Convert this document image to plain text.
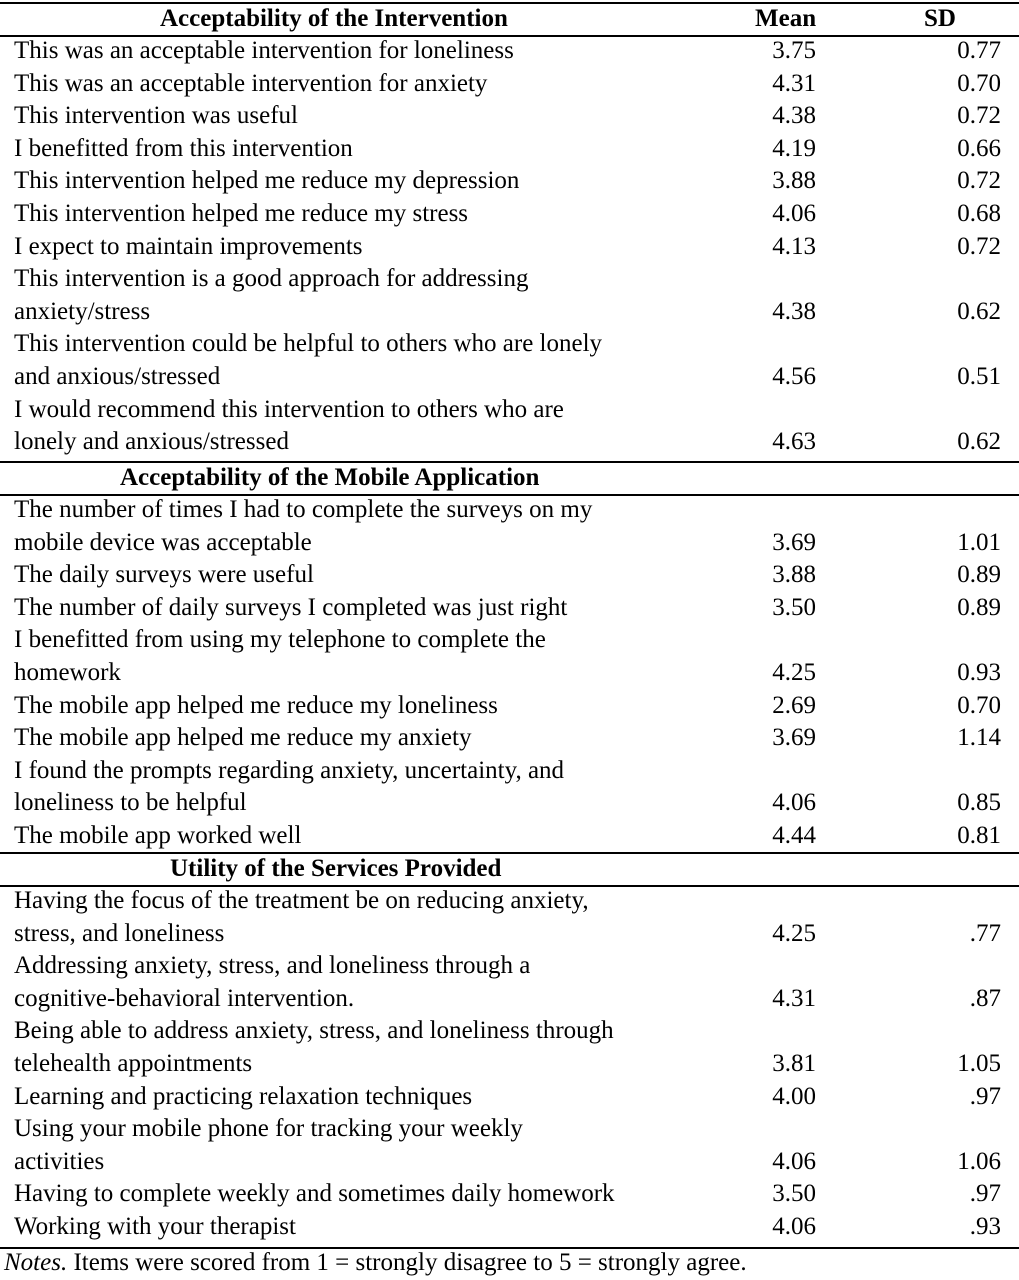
Mean	SD
Acceptability of the Intervention
This was an acceptable intervention for loneliness	3.75	0.77
This was an acceptable intervention for anxiety	4.31	0.70
This intervention was useful	4.38	0.72
I benefitted from this intervention	4.19	0.66
This intervention helped me reduce my depression	3.88	0.72
This intervention helped me reduce my stress	4.06	0.68
I expect to maintain improvements	4.13	0.72
This intervention is a good approach for addressing
anxiety/stress	4.38	0.62
This intervention could be helpful to others who are lonely
and anxious/stressed	4.56	0.51
I would recommend this intervention to others who are
lonely and anxious/stressed	4.63	0.62
Acceptability of the Mobile Application
The number of times I had to complete the surveys on my
mobile device was acceptable	3.69	1.01
The daily surveys were useful	3.88	0.89
The number of daily surveys I completed was just right	3.50	0.89
I benefitted from using my telephone to complete the
homework	4.25	0.93
The mobile app helped me reduce my loneliness	2.69	0.70
The mobile app helped me reduce my anxiety	3.69	1.14
I found the prompts regarding anxiety, uncertainty, and
loneliness to be helpful	4.06	0.85
The mobile app worked well	4.44	0.81
Utility of the Services Provided
Having the focus of the treatment be on reducing anxiety,
stress, and loneliness	4.25	.77
Addressing anxiety, stress, and loneliness through a
cognitive-behavioral intervention.	4.31	.87
Being able to address anxiety, stress, and loneliness through
telehealth appointments	3.81	1.05
Learning and practicing relaxation techniques	4.00	.97
Using your mobile phone for tracking your weekly
activities	4.06	1.06
Having to complete weekly and sometimes daily homework	3.50	.97
Working with your therapist	4.06	.93
Notes. Items were scored from 1 = strongly disagree to 5 = strongly agree.
